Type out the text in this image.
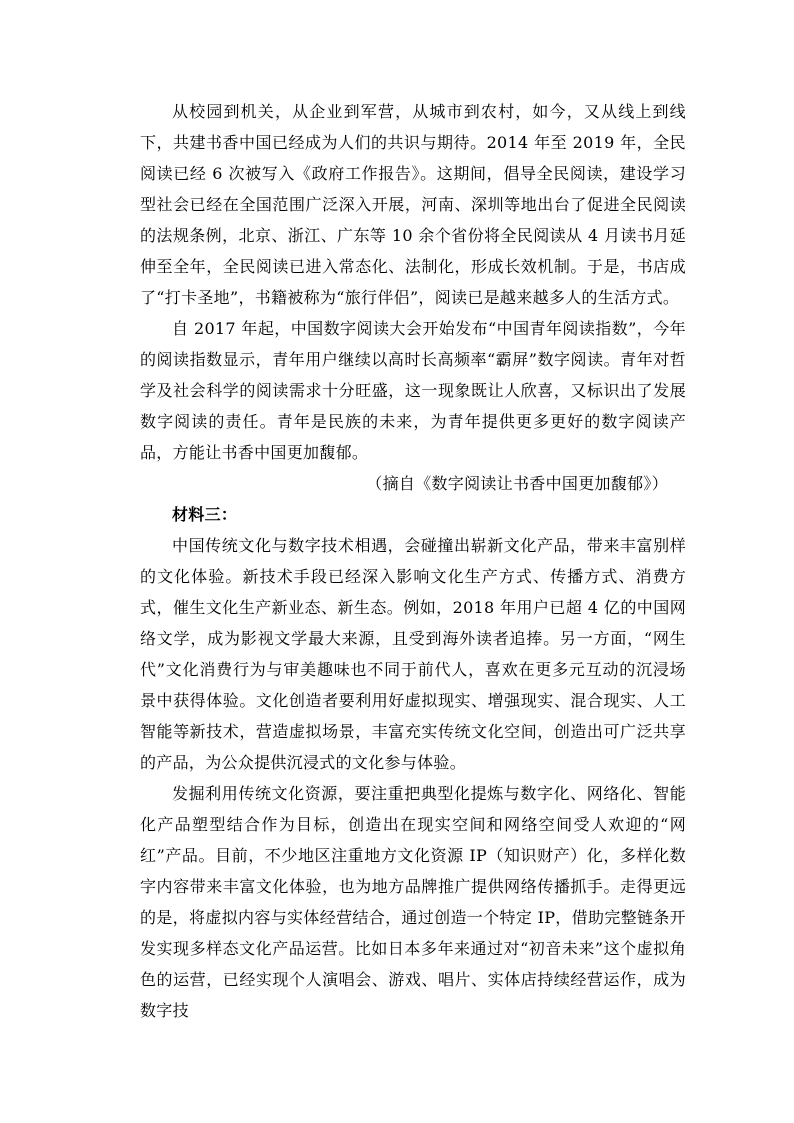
从校园到机关，从企业到军营，从城市到农村，如今，又从线上到线下，共建书香中国已经成为人们的共识与期待。2014 年至 2019 年，全民阅读已经 6 次被写入《政府工作报告》。这期间，倡导全民阅读，建设学习型社会已经在全国范围广泛深入开展，河南、深圳等地出台了促进全民阅读的法规条例，北京、浙江、广东等 10 余个省份将全民阅读从 4 月读书月延伸至全年，全民阅读已进入常态化、法制化，形成长效机制。于是，书店成了“打卡圣地”，书籍被称为“旅行伴侣”，阅读已是越来越多人的生活方式。

自 2017 年起，中国数字阅读大会开始发布“中国青年阅读指数”，今年的阅读指数显示，青年用户继续以高时长高频率“霸屏”数字阅读。青年对哲学及社会科学的阅读需求十分旺盛，这一现象既让人欣喜，又标识出了发展数字阅读的责任。青年是民族的未来，为青年提供更多更好的数字阅读产品，方能让书香中国更加馥郁。

（摘自《数字阅读让书香中国更加馥郁》）

材料三：

中国传统文化与数字技术相遇，会碰撞出崭新文化产品，带来丰富别样的文化体验。新技术手段已经深入影响文化生产方式、传播方式、消费方式，催生文化生产新业态、新生态。例如，2018 年用户已超 4 亿的中国网络文学，成为影视文学最大来源，且受到海外读者追捧。另一方面，“网生代”文化消费行为与审美趣味也不同于前代人，喜欢在更多元互动的沉浸场景中获得体验。文化创造者要利用好虚拟现实、增强现实、混合现实、人工智能等新技术，营造虚拟场景，丰富充实传统文化空间，创造出可广泛共享的产品，为公众提供沉浸式的文化参与体验。

发掘利用传统文化资源，要注重把典型化提炼与数字化、网络化、智能化产品塑型结合作为目标，创造出在现实空间和网络空间受人欢迎的“网红”产品。目前，不少地区注重地方文化资源 IP（知识财产）化，多样化数字内容带来丰富文化体验，也为地方品牌推广提供网络传播抓手。走得更远的是，将虚拟内容与实体经营结合，通过创造一个特定 IP，借助完整链条开发实现多样态文化产品运营。比如日本多年来通过对“初音未来”这个虚拟角色的运营，已经实现个人演唱会、游戏、唱片、实体店持续经营运作，成为数字技
